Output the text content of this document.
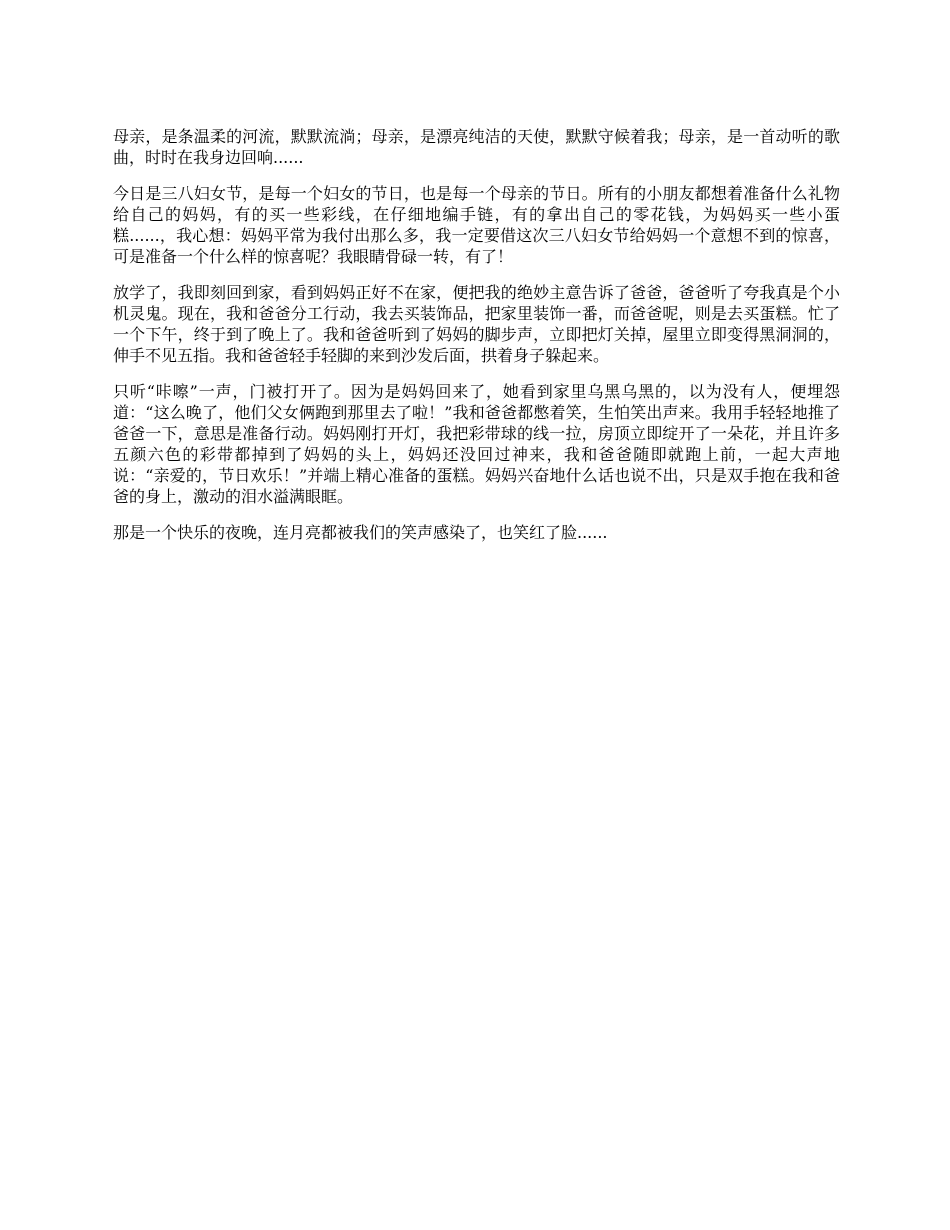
母亲，是条温柔的河流，默默流淌；母亲，是漂亮纯洁的天使，默默守候着我；母亲，是一首动听的歌曲，时时在我身边回响......

今日是三八妇女节，是每一个妇女的节日，也是每一个母亲的节日。所有的小朋友都想着准备什么礼物给自己的妈妈，有的买一些彩线，在仔细地编手链，有的拿出自己的零花钱，为妈妈买一些小蛋糕......，我心想：妈妈平常为我付出那么多，我一定要借这次三八妇女节给妈妈一个意想不到的惊喜，可是准备一个什么样的惊喜呢？我眼睛骨碌一转，有了！

放学了，我即刻回到家，看到妈妈正好不在家，便把我的绝妙主意告诉了爸爸，爸爸听了夸我真是个小机灵鬼。现在，我和爸爸分工行动，我去买装饰品，把家里装饰一番，而爸爸呢，则是去买蛋糕。忙了一个下午，终于到了晚上了。我和爸爸听到了妈妈的脚步声，立即把灯关掉，屋里立即变得黑洞洞的，伸手不见五指。我和爸爸轻手轻脚的来到沙发后面，拱着身子躲起来。

只听“咔嚓”一声，门被打开了。因为是妈妈回来了，她看到家里乌黑乌黑的，以为没有人，便埋怨道：“这么晚了，他们父女俩跑到那里去了啦！”我和爸爸都憋着笑，生怕笑出声来。我用手轻轻地推了爸爸一下，意思是准备行动。妈妈刚打开灯，我把彩带球的线一拉，房顶立即绽开了一朵花，并且许多五颜六色的彩带都掉到了妈妈的头上，妈妈还没回过神来，我和爸爸随即就跑上前，一起大声地说：“亲爱的，节日欢乐！”并端上精心准备的蛋糕。妈妈兴奋地什么话也说不出，只是双手抱在我和爸爸的身上，激动的泪水溢满眼眶。

那是一个快乐的夜晚，连月亮都被我们的笑声感染了，也笑红了脸......
